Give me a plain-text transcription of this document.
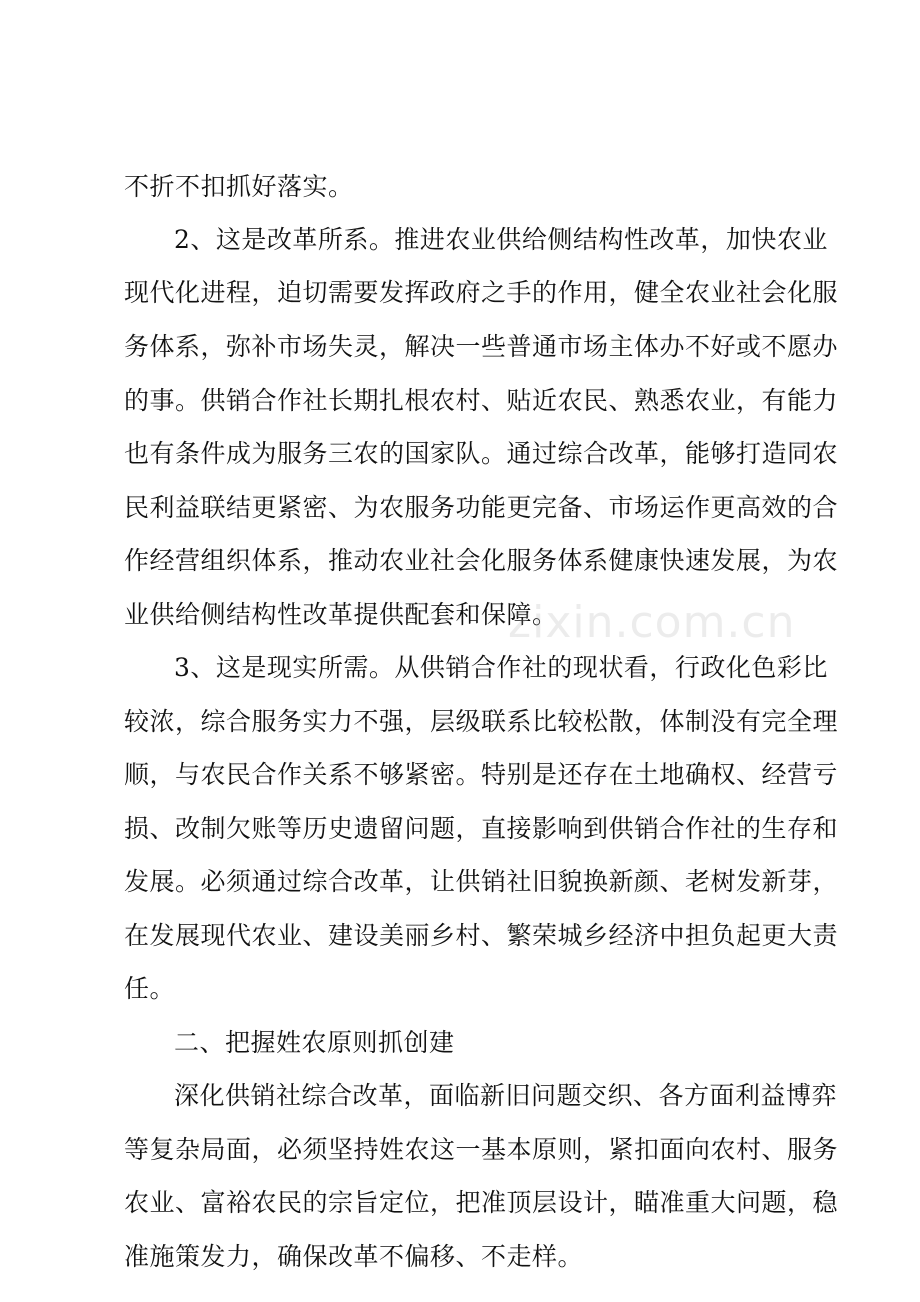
不折不扣抓好落实。
2、这是改革所系。推进农业供给侧结构性改革，加快农业
现代化进程，迫切需要发挥政府之手的作用，健全农业社会化服
务体系，弥补市场失灵，解决一些普通市场主体办不好或不愿办
的事。供销合作社长期扎根农村、贴近农民、熟悉农业，有能力
也有条件成为服务三农的国家队。通过综合改革，能够打造同农
民利益联结更紧密、为农服务功能更完备、市场运作更高效的合
作经营组织体系，推动农业社会化服务体系健康快速发展，为农
业供给侧结构性改革提供配套和保障。
3、这是现实所需。从供销合作社的现状看，行政化色彩比
较浓，综合服务实力不强，层级联系比较松散，体制没有完全理
顺，与农民合作关系不够紧密。特别是还存在土地确权、经营亏
损、改制欠账等历史遗留问题，直接影响到供销合作社的生存和
发展。必须通过综合改革，让供销社旧貌换新颜、老树发新芽，
在发展现代农业、建设美丽乡村、繁荣城乡经济中担负起更大责
任。
二、把握姓农原则抓创建
深化供销社综合改革，面临新旧问题交织、各方面利益博弈
等复杂局面，必须坚持姓农这一基本原则，紧扣面向农村、服务
农业、富裕农民的宗旨定位，把准顶层设计，瞄准重大问题，稳
准施策发力，确保改革不偏移、不走样。
zixin.com.cn
